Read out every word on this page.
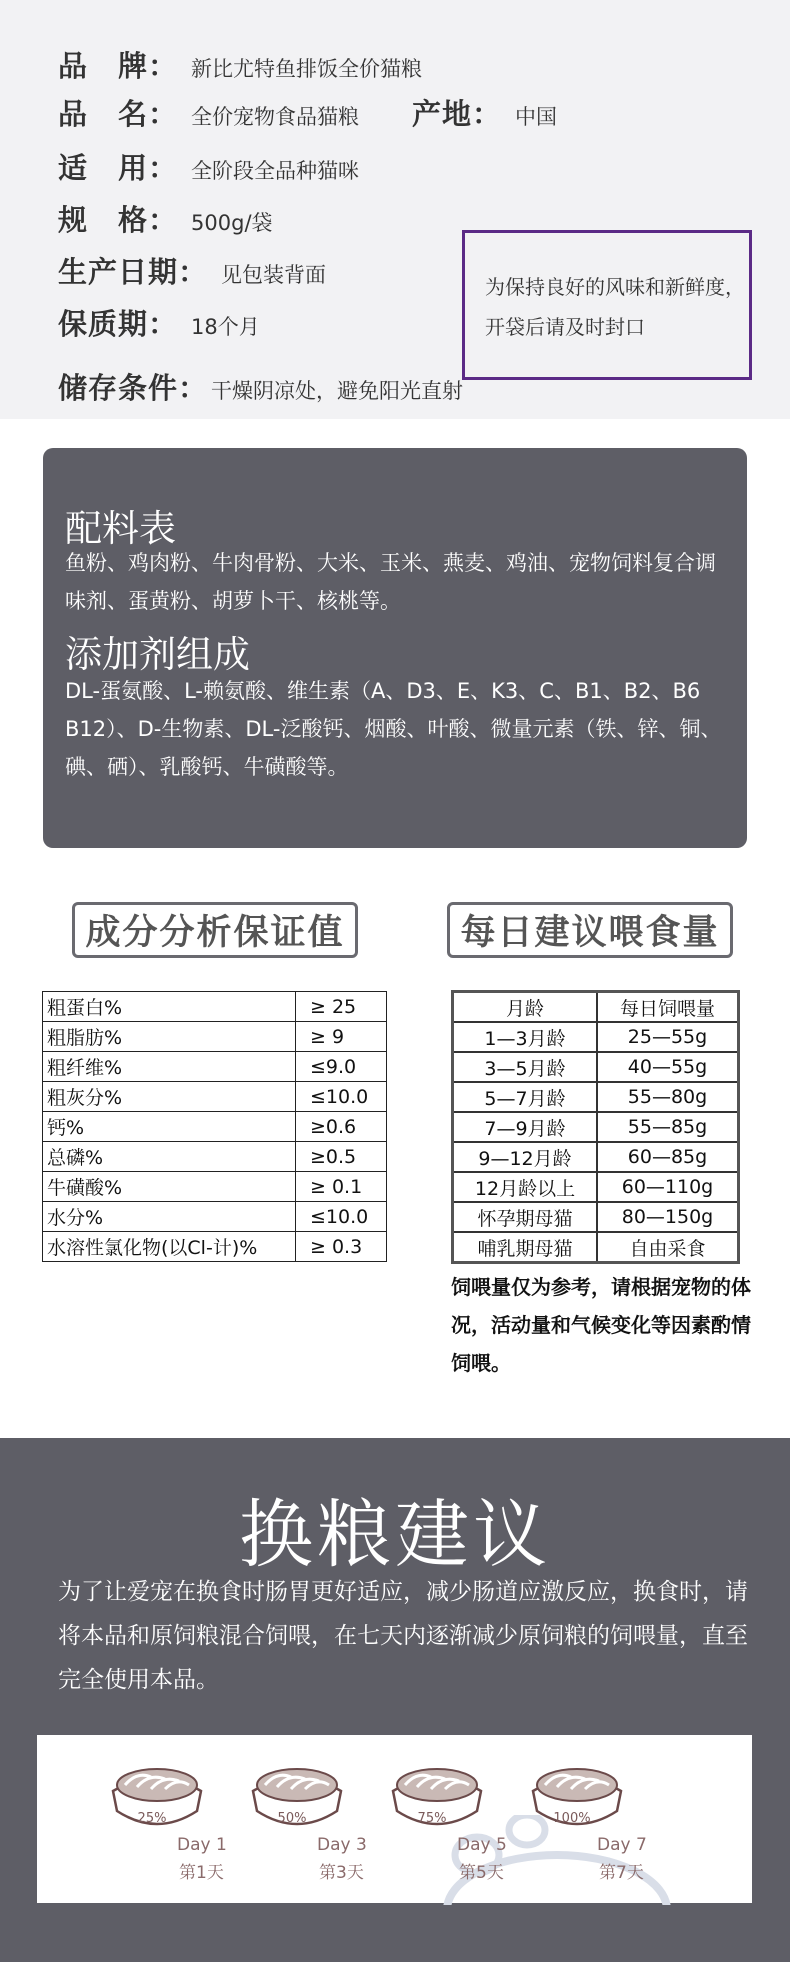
品　牌 ： 新比尤特鱼排饭全价猫粮
品　名 ： 全价宠物食品猫粮 产地 ： 中国
适　用 ： 全阶段全品种猫咪
规　格 ： 500g/袋
生产日期 ： 见包装背面
保质期 ： 18个月
储存条件 ： 干燥阴凉处，避免阳光直射
为保持良好的风味和新鲜度，
开袋后请及时封口
配料表
鱼粉、鸡肉粉、牛肉骨粉、大米、玉米、燕麦、鸡油、宠物饲料复合调味剂、蛋黄粉、胡萝卜干、核桃等。
添加剂组成
DL-蛋氨酸、L-赖氨酸、维生素（A、D3、E、K3、C、B1、B2、B6 B12）、D-生物素、DL-泛酸钙、烟酸、叶酸、微量元素（铁、锌、铜、碘、硒）、乳酸钙、牛磺酸等。
成分分析保证值	每日建议喂食量
粗蛋白%	≥ 25
粗脂肪%	≥ 9
粗纤维%	≤9.0
粗灰分%	≤10.0
钙%	≥0.6
总磷%	≥0.5
牛磺酸%	≥ 0.1
水分%	≤10.0
水溶性氯化物(以Cl-计)%	≥ 0.3
月龄	每日饲喂量
1—3月龄	25—55g
3—5月龄	40—55g
5—7月龄	55—80g
7—9月龄	55—85g
9—12月龄	60—85g
12月龄以上	60—110g
怀孕期母猫	80—150g
哺乳期母猫	自由采食
饲喂量仅为参考，请根据宠物的体况，活动量和气候变化等因素酌情饲喂。
换粮建议
为了让爱宠在换食时肠胃更好适应，减少肠道应激反应，换食时，请将本品和原饲粮混合饲喂，在七天内逐渐减少原饲粮的饲喂量，直至完全使用本品。
25%
Day 1
第1天
50%
Day 3
第3天
75%
Day 5
第5天
100%
Day 7
第7天
